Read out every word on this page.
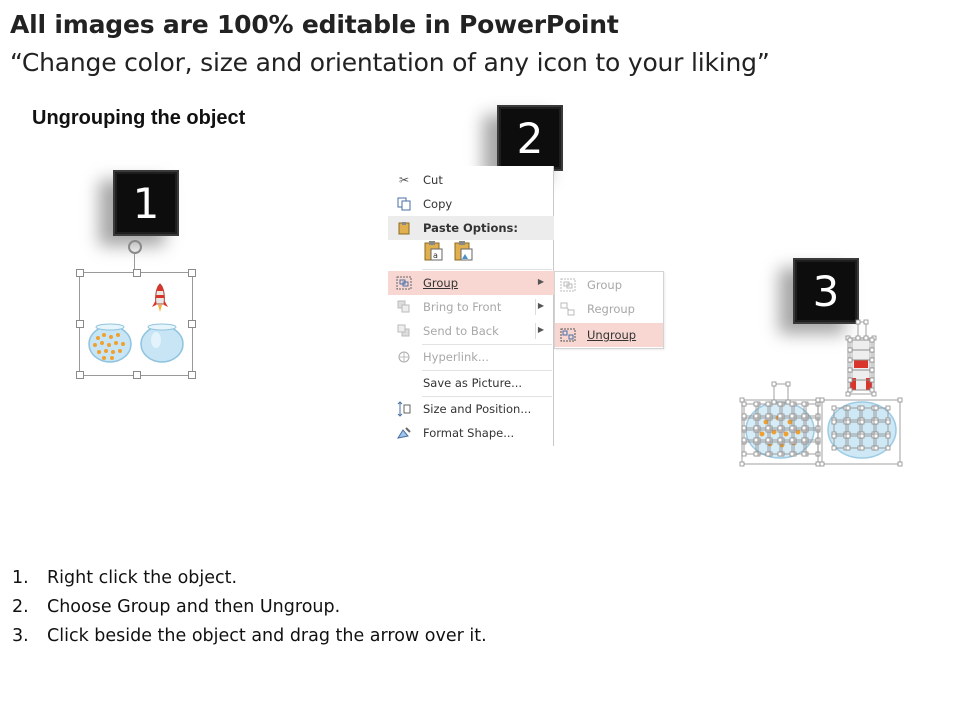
All images are 100% editable in PowerPoint
“Change color, size and orientation of any icon to your liking”
Ungrouping the object
1
2
3
✂	Cut
Copy
Paste Options:
a
Group	▶
Bring to Front	▶
Send to Back	▶
Hyperlink...
Save as Picture...
Size and Position...
Format Shape...
Group
Regroup
Ungroup
1. Right click the object.
2. Choose Group and then Ungroup.
3. Click beside the object and drag the arrow over it.
